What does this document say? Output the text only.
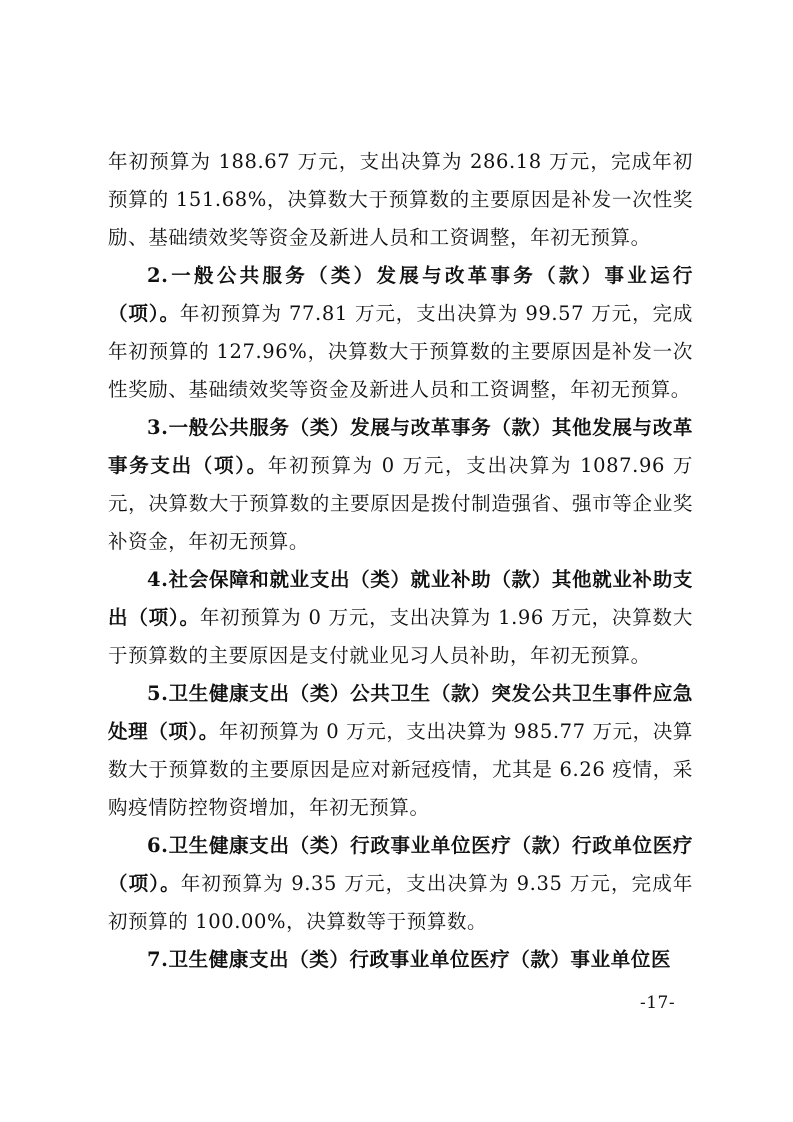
年初预算为 188.67 万元，支出决算为 286.18 万元，完成年初预算的 151.68%，决算数大于预算数的主要原因是补发一次性奖励、基础绩效奖等资金及新进人员和工资调整，年初无预算。

2.一般公共服务（类）发展与改革事务（款）事业运行（项）。年初预算为 77.81 万元，支出决算为 99.57 万元，完成年初预算的 127.96%，决算数大于预算数的主要原因是补发一次性奖励、基础绩效奖等资金及新进人员和工资调整，年初无预算。

3.一般公共服务（类）发展与改革事务（款）其他发展与改革事务支出（项）。年初预算为 0 万元，支出决算为 1087.96 万元，决算数大于预算数的主要原因是拨付制造强省、强市等企业奖补资金，年初无预算。

4.社会保障和就业支出（类）就业补助（款）其他就业补助支出（项）。年初预算为 0 万元，支出决算为 1.96 万元，决算数大于预算数的主要原因是支付就业见习人员补助，年初无预算。

5.卫生健康支出（类）公共卫生（款）突发公共卫生事件应急处理（项）。年初预算为 0 万元，支出决算为 985.77 万元，决算数大于预算数的主要原因是应对新冠疫情，尤其是 6.26 疫情，采购疫情防控物资增加，年初无预算。

6.卫生健康支出（类）行政事业单位医疗（款）行政单位医疗（项）。年初预算为 9.35 万元，支出决算为 9.35 万元，完成年初预算的 100.00%，决算数等于预算数。

7.卫生健康支出（类）行政事业单位医疗（款）事业单位医

-17-
